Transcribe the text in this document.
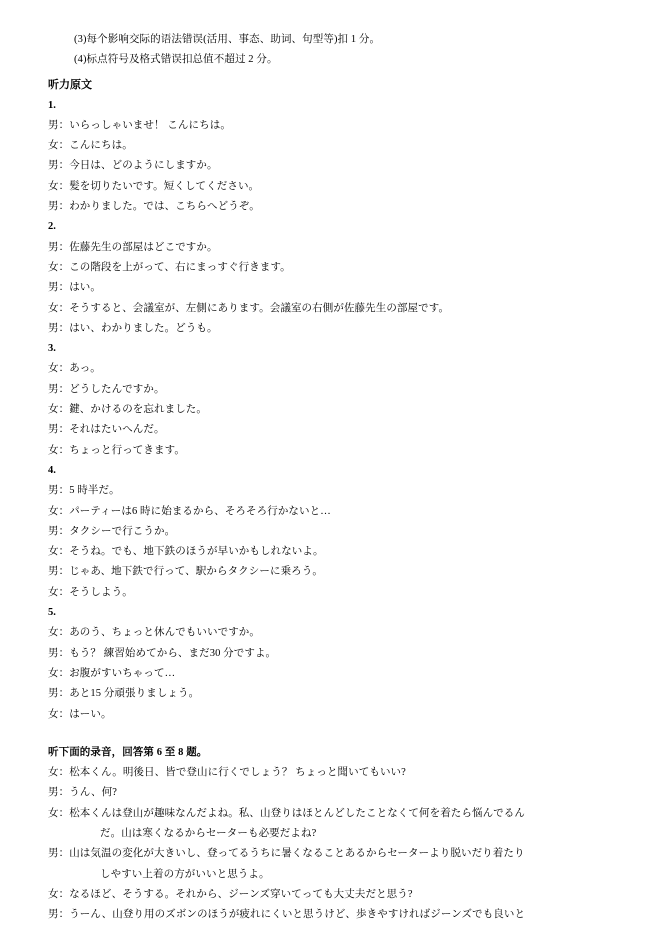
(3)每个影响交际的语法错误(活用、事态、助词、句型等)扣 1 分。
(4)标点符号及格式错误扣总值不超过 2 分。
听力原文
1.
男：いらっしゃいませ！ こんにちは。
女：こんにちは。
男：今日は、どのようにしますか。
女：髪を切りたいです。短くしてください。
男：わかりました。では、こちらへどうぞ。
2.
男：佐藤先生の部屋はどこですか。
女：この階段を上がって、右にまっすぐ行きます。
男：はい。
女：そうすると、会議室が、左側にあります。会議室の右側が佐藤先生の部屋です。
男：はい、わかりました。どうも。
3.
女：あっ。
男：どうしたんですか。
女：鍵、かけるのを忘れました。
男：それはたいへんだ。
女：ちょっと行ってきます。
4.
男：5 時半だ。
女：パーティーは6 時に始まるから、そろそろ行かないと…
男：タクシーで行こうか。
女：そうね。でも、地下鉄のほうが早いかもしれないよ。
男：じゃあ、地下鉄で行って、駅からタクシーに乗ろう。
女：そうしよう。
5.
女：あのう、ちょっと休んでもいいですか。
男：もう？ 練習始めてから、まだ30 分ですよ。
女：お腹がすいちゃって…
男：あと15 分頑張りましょう。
女：はーい。
听下面的录音，回答第 6 至 8 题。
女：松本くん。明後日、皆で登山に行くでしょう？ ちょっと聞いてもいい?
男：うん、何?
女：松本くんは登山が趣味なんだよね。私、山登りはほとんどしたことなくて何を着たら悩んでるん
だ。山は寒くなるからセーターも必要だよね?
男：山は気温の変化が大きいし、登ってるうちに暑くなることあるからセーターより脱いだり着たり
しやすい上着の方がいいと思うよ。
女：なるほど、そうする。それから、ジーンズ穿いてっても大丈夫だと思う?
男：うーん、山登り用のズボンのほうが疲れにくいと思うけど、歩きやすければジーンズでも良いと
